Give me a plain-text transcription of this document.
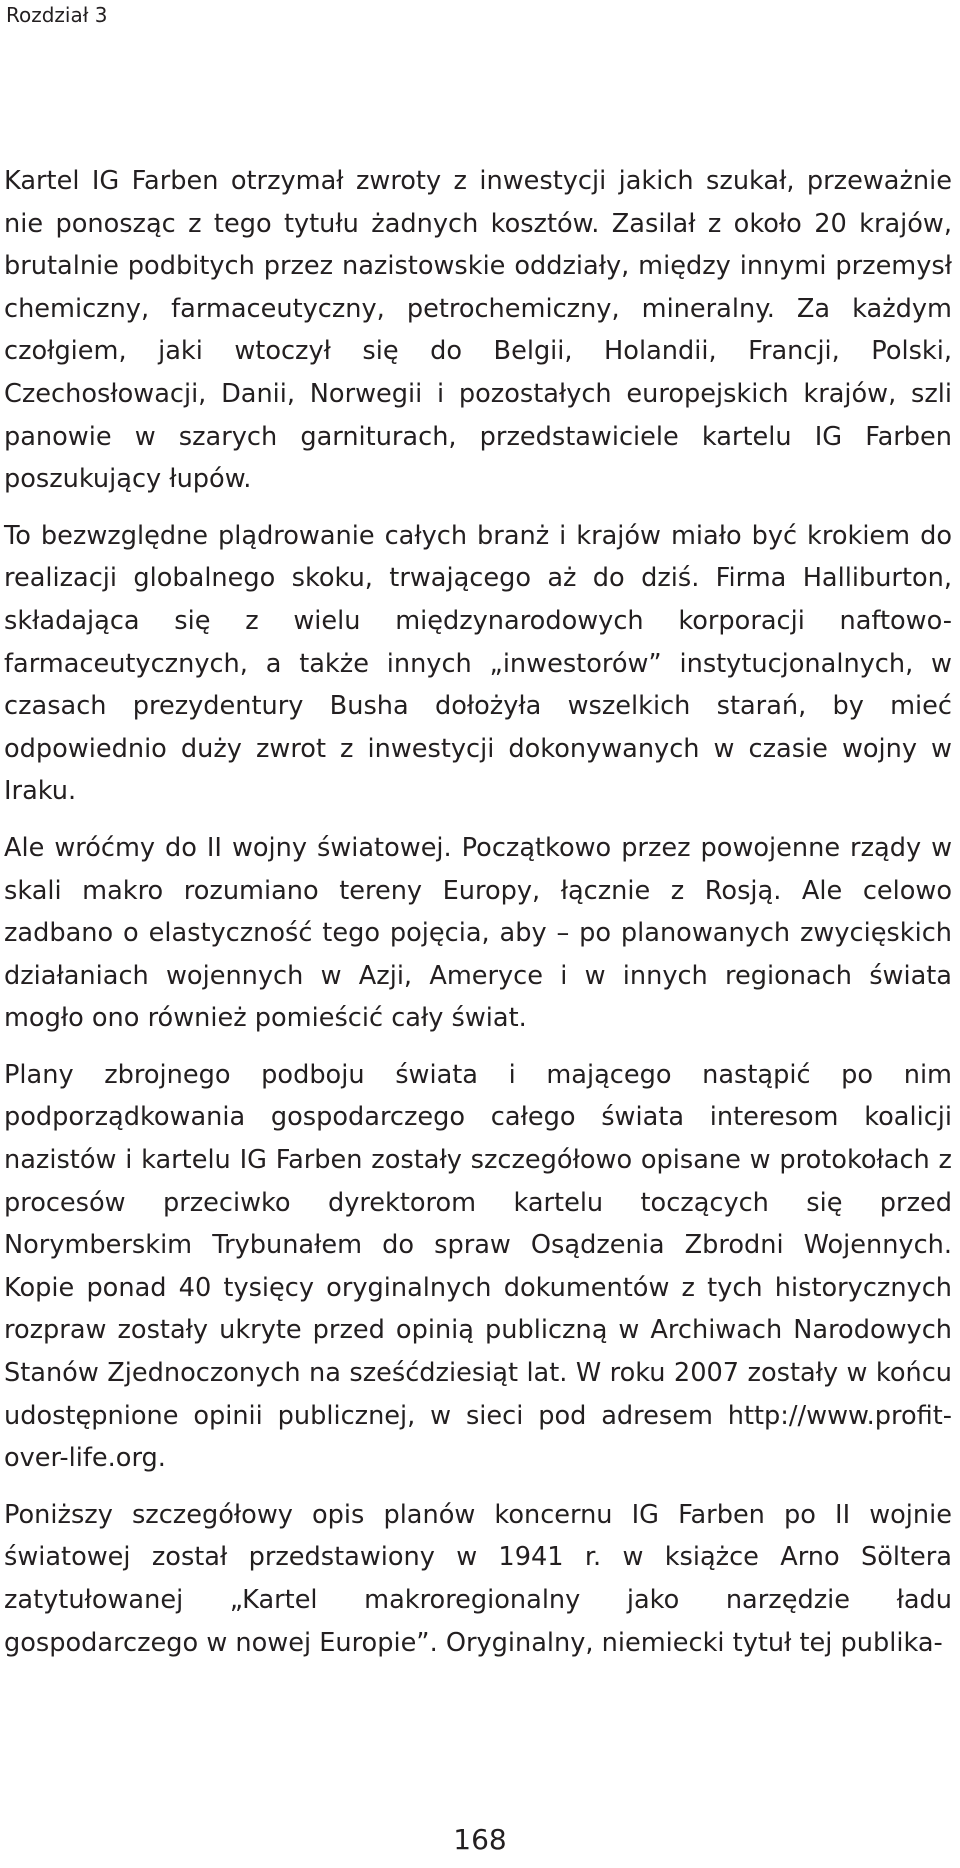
Rozdział 3

Kartel IG Farben otrzymał zwroty z inwestycji jakich szukał, przeważnie nie ponosząc z tego tytułu żadnych kosztów. Zasilał z około 20 krajów, brutalnie podbitych przez nazistowskie oddziały, między innymi przemysł chemiczny, farmaceutyczny, petrochemiczny, mineralny. Za każdym czołgiem, jaki wtoczył się do Belgii, Holandii, Francji, Polski, Czechosłowacji, Danii, Norwegii i pozostałych europejskich krajów, szli panowie w szarych garniturach, przedstawiciele kartelu IG Farben poszukujący łupów.

To bezwzględne plądrowanie całych branż i krajów miało być krokiem do realizacji globalnego skoku, trwającego aż do dziś. Firma Halliburton, składająca się z wielu międzynarodowych korporacji naftowo-farmaceutycznych, a także innych „inwestorów” instytucjonalnych, w czasach prezydentury Busha dołożyła wszelkich starań, by mieć odpowiednio duży zwrot z inwestycji dokonywanych w czasie wojny w Iraku.

Ale wróćmy do II wojny światowej. Początkowo przez powojenne rządy w skali makro rozumiano tereny Europy, łącznie z Rosją. Ale celowo zadbano o elastyczność tego pojęcia, aby – po planowanych zwycięskich działaniach wojennych w Azji, Ameryce i w innych regionach świata mogło ono również pomieścić cały świat.

Plany zbrojnego podboju świata i mającego nastąpić po nim podporządkowania gospodarczego całego świata interesom koalicji nazistów i kartelu IG Farben zostały szczegółowo opisane w protokołach z procesów przeciwko dyrektorom kartelu toczących się przed Norymberskim Trybunałem do spraw Osądzenia Zbrodni Wojennych. Kopie ponad 40 tysięcy oryginalnych dokumentów z tych historycznych rozpraw zostały ukryte przed opinią publiczną w Archiwach Narodowych Stanów Zjednoczonych na sześćdziesiąt lat. W roku 2007 zostały w końcu udostępnione opinii publicznej, w sieci pod adresem http://www.profit-over-life.org.

Poniższy szczegółowy opis planów koncernu IG Farben po II wojnie światowej został przedstawiony w 1941 r. w książce Arno Söltera zatytułowanej „Kartel makroregionalny jako narzędzie ładu gospodarczego w nowej Europie”. Oryginalny, niemiecki tytuł tej publika-

168
